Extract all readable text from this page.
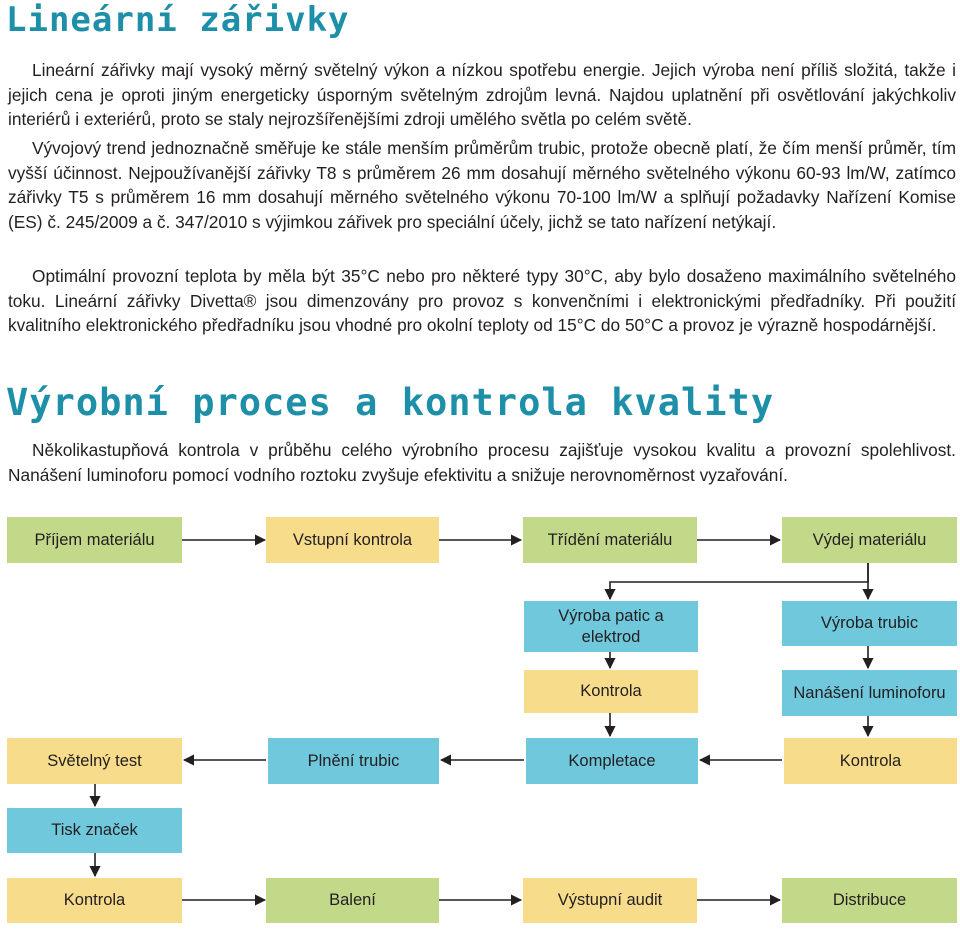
Lineární zářivky

Lineární zářivky mají vysoký měrný světelný výkon a nízkou spotřebu energie. Jejich výroba není příliš složitá, takže i jejich cena je oproti jiným energeticky úsporným světelným zdrojům levná. Najdou uplatnění při osvětlování jakýchkoliv interiérů i exteriérů, proto se staly nejrozšířenějšími zdroji umělého světla po celém světě.

Vývojový trend jednoznačně směřuje ke stále menším průměrům trubic, protože obecně platí, že čím menší průměr, tím vyšší účinnost. Nejpoužívanější zářivky T8 s průměrem 26 mm dosahují měrného světelného výkonu 60-93 lm/W, zatímco zářivky T5 s průměrem 16 mm dosahují měrného světelného výkonu 70-100 lm/W a splňují požadavky Nařízení Komise (ES) č. 245/2009 a č. 347/2010 s výjimkou zářivek pro speciální účely, jichž se tato nařízení netýkají.

Optimální provozní teplota by měla být 35°C nebo pro některé typy 30°C, aby bylo dosaženo maximálního světelného toku. Lineární zářivky Divetta® jsou dimenzovány pro provoz s konvenčními i elektronickými předřadníky. Při použití kvalitního elektronického předřadníku jsou vhodné pro okolní teploty od 15°C do 50°C a provoz je výrazně hospodárnější.

Výrobní proces a kontrola kvality

Několikastupňová kontrola v průběhu celého výrobního procesu zajišťuje vysokou kvalitu a provozní spolehlivost. Nanášení luminoforu pomocí vodního roztoku zvyšuje efektivitu a snižuje nerovnoměrnost vyzařování.

Příjem materiálu	Vstupní kontrola	Třídění materiálu	Výdej materiálu
Výroba patic a elektrod
Výroba trubic
Kontrola	Nanášení luminoforu
Světelný test	Plnění trubic	Kompletace	Kontrola
Tisk značek
Kontrola	Balení	Výstupní audit	Distribuce
